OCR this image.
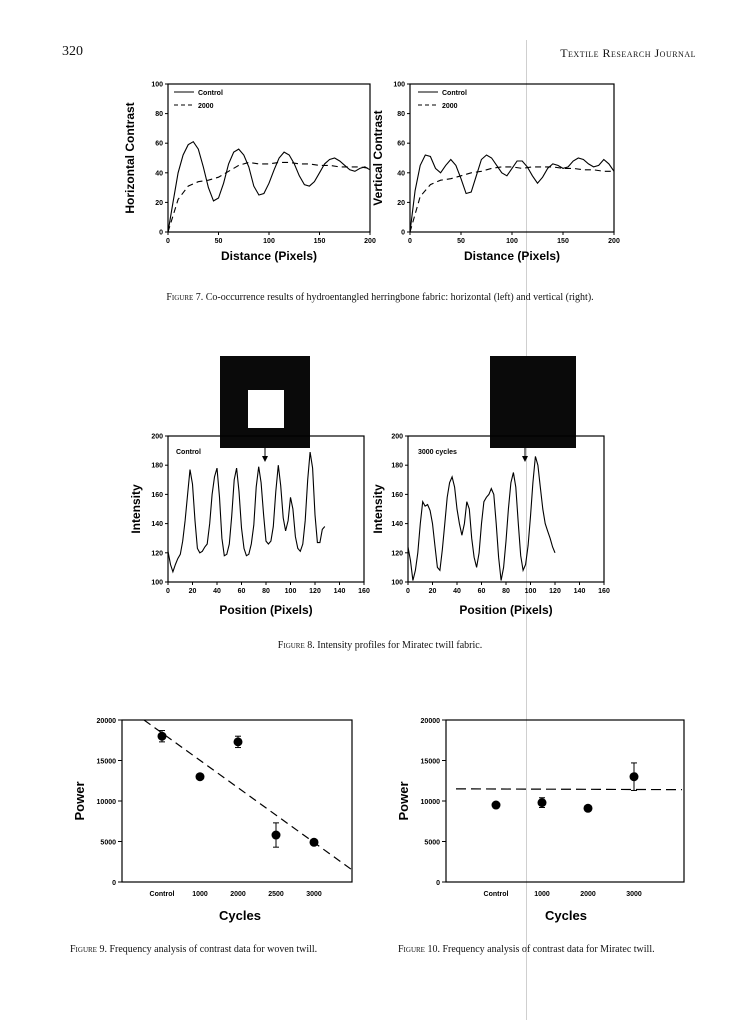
320	Textile Research Journal
0
20
40
60
80
100
0	50	100	150	200
Control
2000
Horizontal Contrast
Distance (Pixels)
0
20
40
60
80
100
0	50	100	150	200
Control
2000
Vertical Contrast
Distance (Pixels)
Figure 7. Co-occurrence results of hydroentangled herringbone fabric: horizontal (left) and vertical (right).
100
120
140
160
180
200
0	20 40 60 80 100 120 140 160
Control
Intensity
Position (Pixels)
100
120
140
160
180
200
0	20 40 60 80 100 120 140 160
3000 cycles
Intensity
Position (Pixels)
Figure 8. Intensity profiles for Miratec twill fabric.
0
5000
10000
15000
20000
Control	1000	2000	2500	3000
Power
Cycles
0
5000
10000
15000
20000
Control	1000	2000	3000
Power
Cycles
Figure 9. Frequency analysis of contrast data for woven twill.	Figure 10. Frequency analysis of contrast data for Miratec twill.
